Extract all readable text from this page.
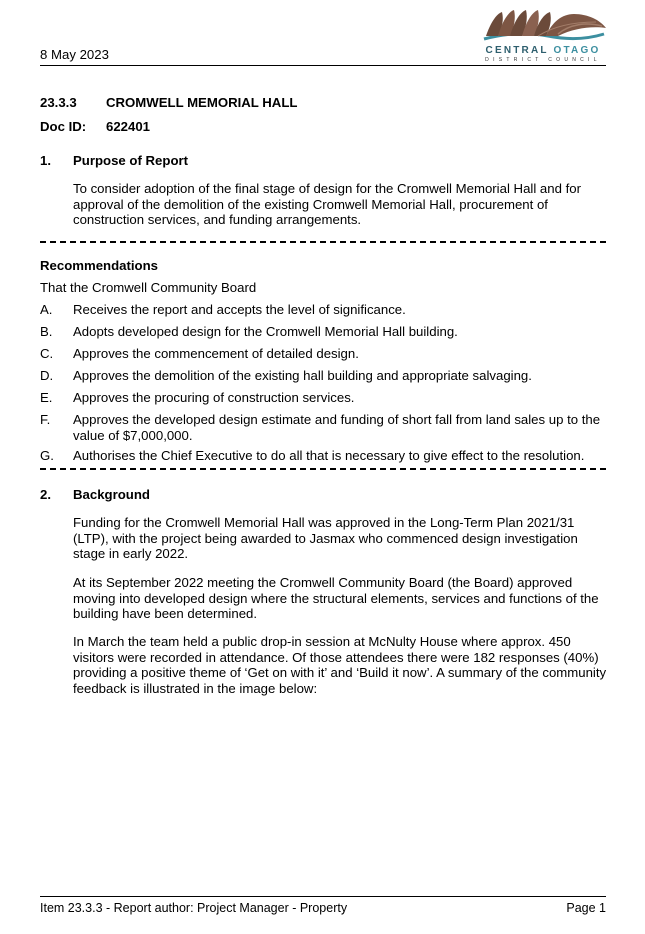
8 May 2023	CENTRAL OTAGO
DISTRICT COUNCIL
23.3.3 CROMWELL MEMORIAL HALL
Doc ID: 622401
1. Purpose of Report
To consider adoption of the final stage of design for the Cromwell Memorial Hall and for approval of the demolition of the existing Cromwell Memorial Hall, procurement of construction services, and funding arrangements.
Recommendations
That the Cromwell Community Board
A. Receives the report and accepts the level of significance.
B. Adopts developed design for the Cromwell Memorial Hall building.
C. Approves the commencement of detailed design.
D. Approves the demolition of the existing hall building and appropriate salvaging.
E. Approves the procuring of construction services.
F. Approves the developed design estimate and funding of short fall from land sales up to the value of $7,000,000.
G. Authorises the Chief Executive to do all that is necessary to give effect to the resolution.
2. Background
Funding for the Cromwell Memorial Hall was approved in the Long-Term Plan 2021/31 (LTP), with the project being awarded to Jasmax who commenced design investigation stage in early 2022.
At its September 2022 meeting the Cromwell Community Board (the Board) approved moving into developed design where the structural elements, services and functions of the building have been determined.
In March the team held a public drop-in session at McNulty House where approx. 450 visitors were recorded in attendance. Of those attendees there were 182 responses (40%) providing a positive theme of ‘Get on with it’ and ‘Build it now’. A summary of the community feedback is illustrated in the image below:
Item 23.3.3 - Report author: Project Manager - Property	Page 1
